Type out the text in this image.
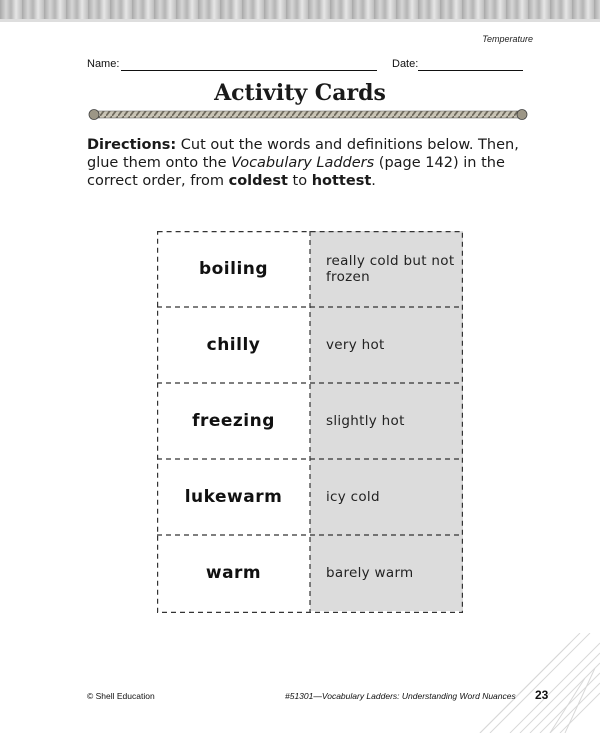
Temperature
Name:	Date:
Activity Cards
Directions: Cut out the words and definitions below. Then, glue them onto the Vocabulary Ladders (page 142) in the correct order, from coldest to hottest.
boiling	really cold but not frozen
chilly	very hot
freezing	slightly hot
lukewarm	icy cold
warm	barely warm
© Shell Education	#51301—Vocabulary Ladders: Understanding Word Nuances 23
